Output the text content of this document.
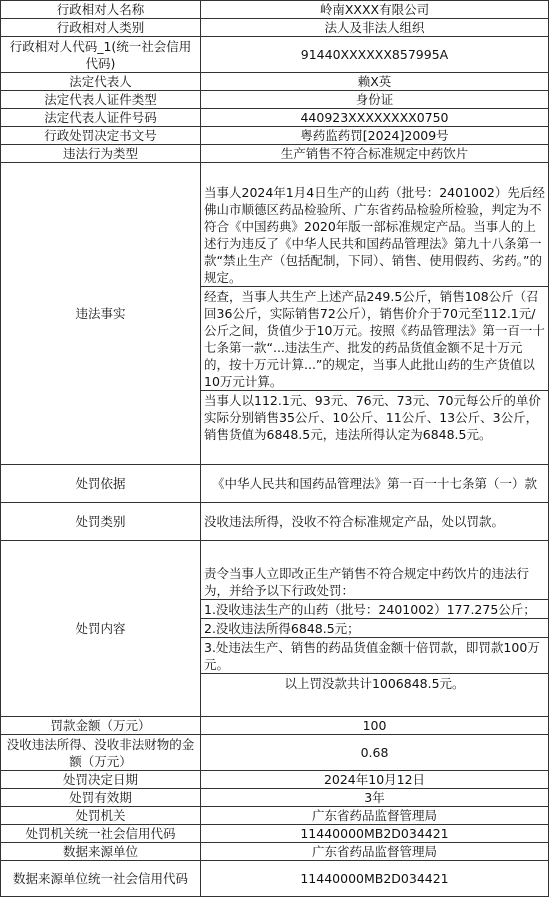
行政相对人名称	岭南XXXX有限公司
行政相对人类别	法人及非法人组织
行政相对人代码_1(统一社会信用代码)	91440XXXXXX857995A
法定代表人	赖X英
法定代表人证件类型	身份证
法定代表人证件号码	440923XXXXXXXX0750
行政处罚决定书文号	粤药监药罚[2024]2009号
违法行为类型	生产销售不符合标准规定中药饮片
违法事实	当事人2024年1月4日生产的山药（批号：2401002）先后经佛山市顺德区药品检验所、广东省药品检验所检验，判定为不符合《中国药典》2020年版一部标准规定产品。当事人的上述行为违反了《中华人民共和国药品管理法》第九十八条第一款“禁止生产（包括配制，下同）、销售、使用假药、劣药。”的规定。
经查，当事人共生产上述产品249.5公斤，销售108公斤（召回36公斤，实际销售72公斤），销售价介于70元至112.1元/公斤之间，货值少于10万元。按照《药品管理法》第一百一十七条第一款“...违法生产、批发的药品货值金额不足十万元的，按十万元计算...”的规定，当事人此批山药的生产货值以10万元计算。
当事人以112.1元、93元、76元、73元、70元每公斤的单价实际分别销售35公斤、10公斤、11公斤、13公斤、3公斤，销售货值为6848.5元，违法所得认定为6848.5元。

处罚依据	《中华人民共和国药品管理法》第一百一十七条第（一）款
处罚类别	没收违法所得，没收不符合标准规定产品，处以罚款。
处罚内容	责令当事人立即改正生产销售不符合规定中药饮片的违法行为，并给予以下行政处罚：
1.没收违法生产的山药（批号：2401002）177.275公斤；
2.没收违法所得6848.5元；
3.处违法生产、销售的药品货值金额十倍罚款，即罚款100万元。
以上罚没款共计1006848.5元。

罚款金额（万元）	100
没收违法所得、没收非法财物的金额（万元）	0.68
处罚决定日期	2024年10月12日
处罚有效期	3年
处罚机关	广东省药品监督管理局
处罚机关统一社会信用代码	11440000MB2D034421
数据来源单位	广东省药品监督管理局
数据来源单位统一社会信用代码	11440000MB2D034421
